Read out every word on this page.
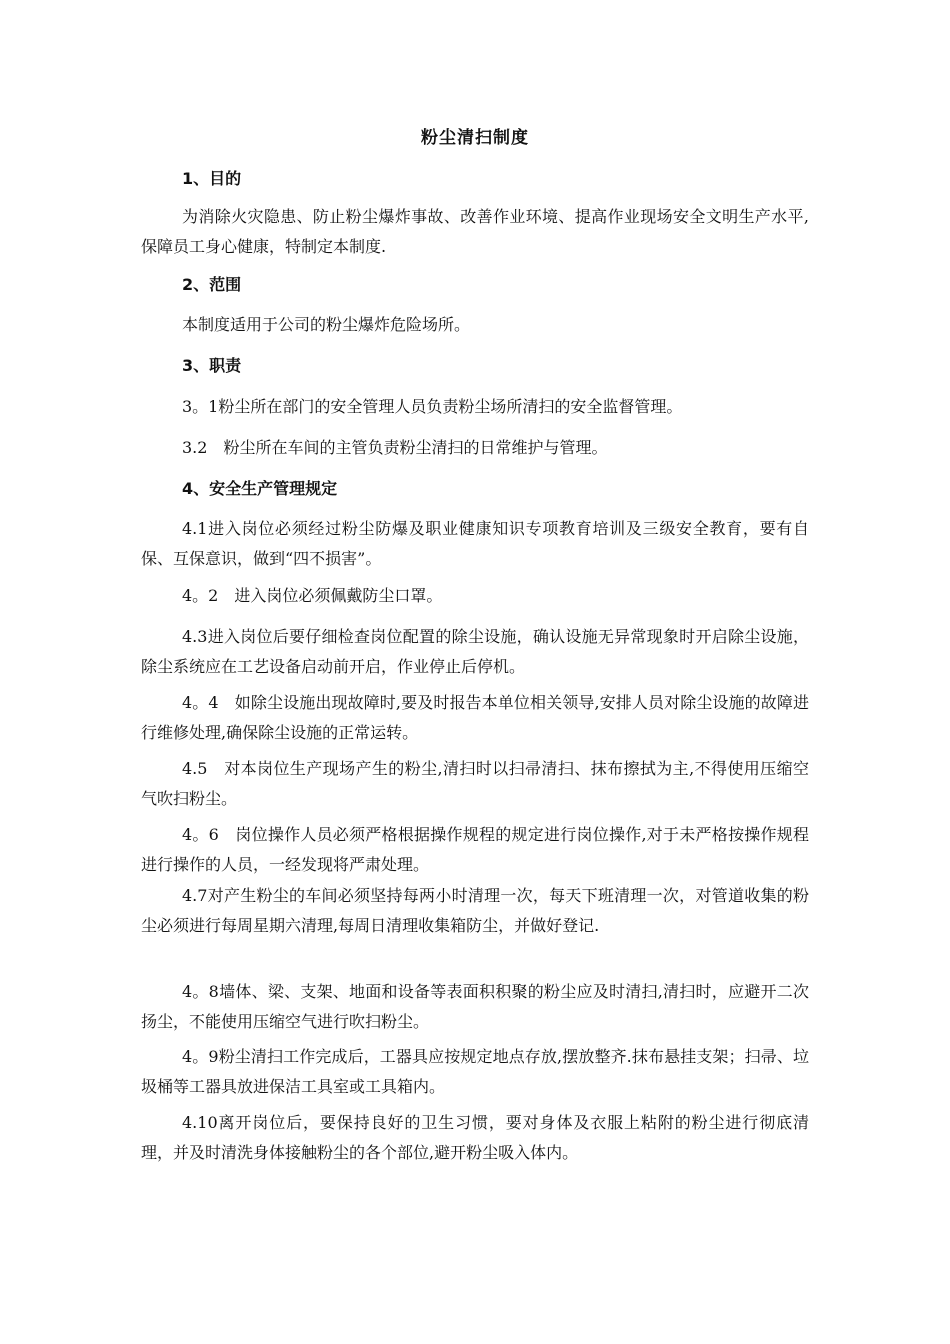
粉尘清扫制度
1、目的

为消除火灾隐患、防止粉尘爆炸事故、改善作业环境、提高作业现场安全文明生产水平,保障员工身心健康，特制定本制度.

2、范围

本制度适用于公司的粉尘爆炸危险场所。

3、职责

3。1粉尘所在部门的安全管理人员负责粉尘场所清扫的安全监督管理。

3.2　粉尘所在车间的主管负责粉尘清扫的日常维护与管理。

4、安全生产管理规定

4.1进入岗位必须经过粉尘防爆及职业健康知识专项教育培训及三级安全教育，要有自保、互保意识，做到“四不损害”。

4。2　进入岗位必须佩戴防尘口罩。

4.3进入岗位后要仔细检查岗位配置的除尘设施，确认设施无异常现象时开启除尘设施，除尘系统应在工艺设备启动前开启，作业停止后停机。

4。4　如除尘设施出现故障时,要及时报告本单位相关领导,安排人员对除尘设施的故障进行维修处理,确保除尘设施的正常运转。

4.5　对本岗位生产现场产生的粉尘,清扫时以扫帚清扫、抹布擦拭为主,不得使用压缩空气吹扫粉尘。

4。6　岗位操作人员必须严格根据操作规程的规定进行岗位操作,对于未严格按操作规程进行操作的人员，一经发现将严肃处理。

4.7对产生粉尘的车间必须坚持每两小时清理一次，每天下班清理一次，对管道收集的粉尘必须进行每周星期六清理,每周日清理收集箱防尘，并做好登记.

4。8墙体、梁、支架、地面和设备等表面积积聚的粉尘应及时清扫,清扫时，应避开二次扬尘，不能使用压缩空气进行吹扫粉尘。

4。9粉尘清扫工作完成后，工器具应按规定地点存放,摆放整齐.抹布悬挂支架；扫帚、垃圾桶等工器具放进保洁工具室或工具箱内。

4.10离开岗位后，要保持良好的卫生习惯，要对身体及衣服上粘附的粉尘进行彻底清理，并及时清洗身体接触粉尘的各个部位,避开粉尘吸入体内。
